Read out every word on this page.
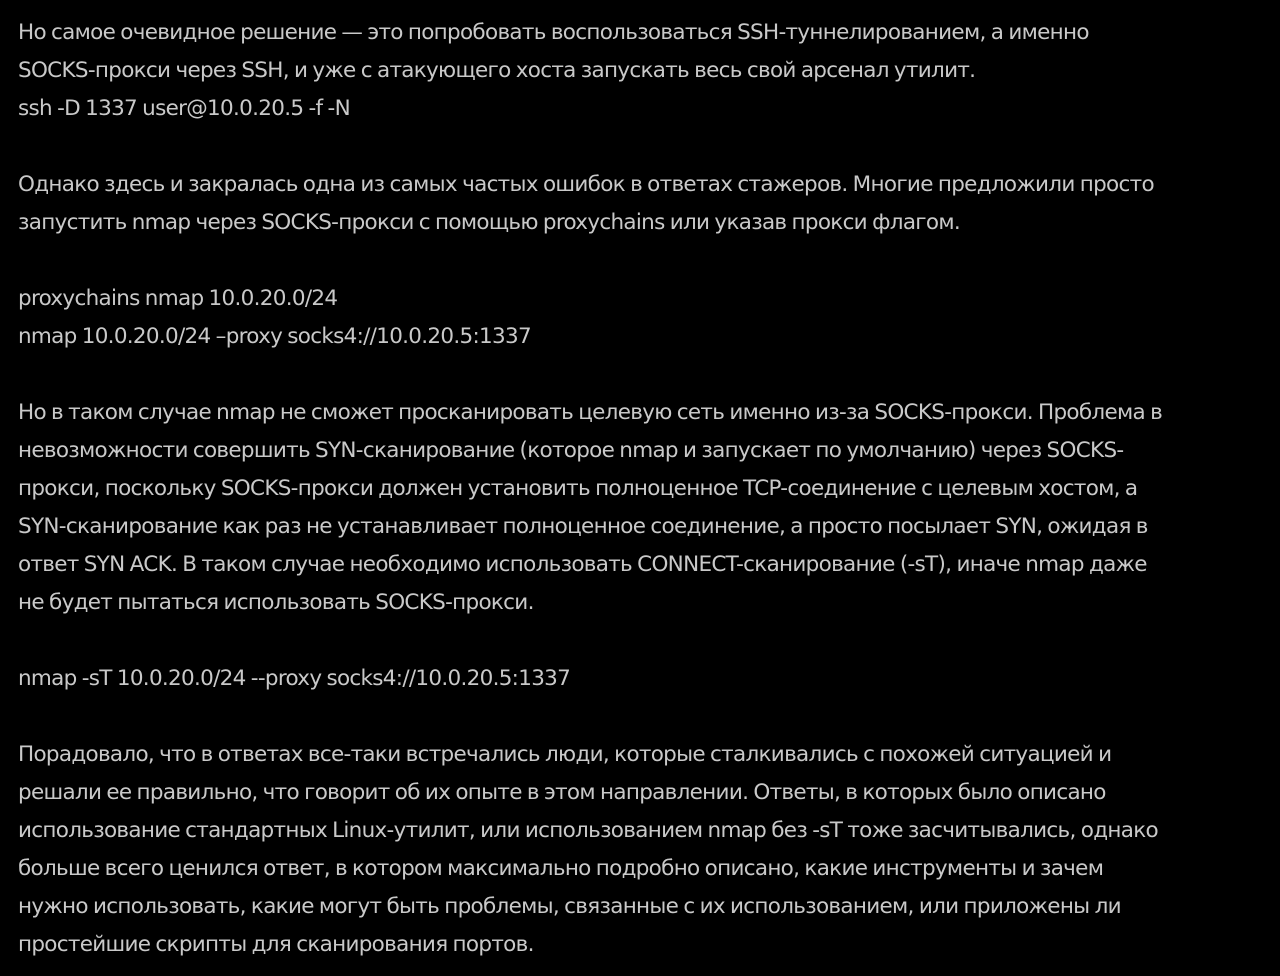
Но самое очевидное решение — это попробовать воспользоваться SSH-туннелированием, а именно
SOCKS-прокси через SSH, и уже с атакующего хоста запускать весь свой арсенал утилит.
ssh -D 1337 user@10.0.20.5 -f -N

Однако здесь и закралась одна из самых частых ошибок в ответах стажеров. Многие предложили просто
запустить nmap через SOCKS-прокси с помощью proxychains или указав прокси флагом.

proxychains nmap 10.0.20.0/24
nmap 10.0.20.0/24 –proxy socks4://10.0.20.5:1337

Но в таком случае nmap не сможет просканировать целевую сеть именно из-за SOCKS-прокси. Проблема в
невозможности совершить SYN-сканирование (которое nmap и запускает по умолчанию) через SOCKS-
прокси, поскольку SOCKS-прокси должен установить полноценное TCP-соединение с целевым хостом, а
SYN-сканирование как раз не устанавливает полноценное соединение, а просто посылает SYN, ожидая в
ответ SYN ACK. В таком случае необходимо использовать CONNECT-сканирование (-sT), иначе nmap даже
не будет пытаться использовать SOCKS-прокси.

nmap -sT 10.0.20.0/24 --proxy socks4://10.0.20.5:1337

Порадовало, что в ответах все-таки встречались люди, которые сталкивались с похожей ситуацией и
решали ее правильно, что говорит об их опыте в этом направлении. Ответы, в которых было описано
использование стандартных Linux-утилит, или использованием nmap без -sT тоже засчитывались, однако
больше всего ценился ответ, в котором максимально подробно описано, какие инструменты и зачем
нужно использовать, какие могут быть проблемы, связанные с их использованием, или приложены ли
простейшие скрипты для сканирования портов.
